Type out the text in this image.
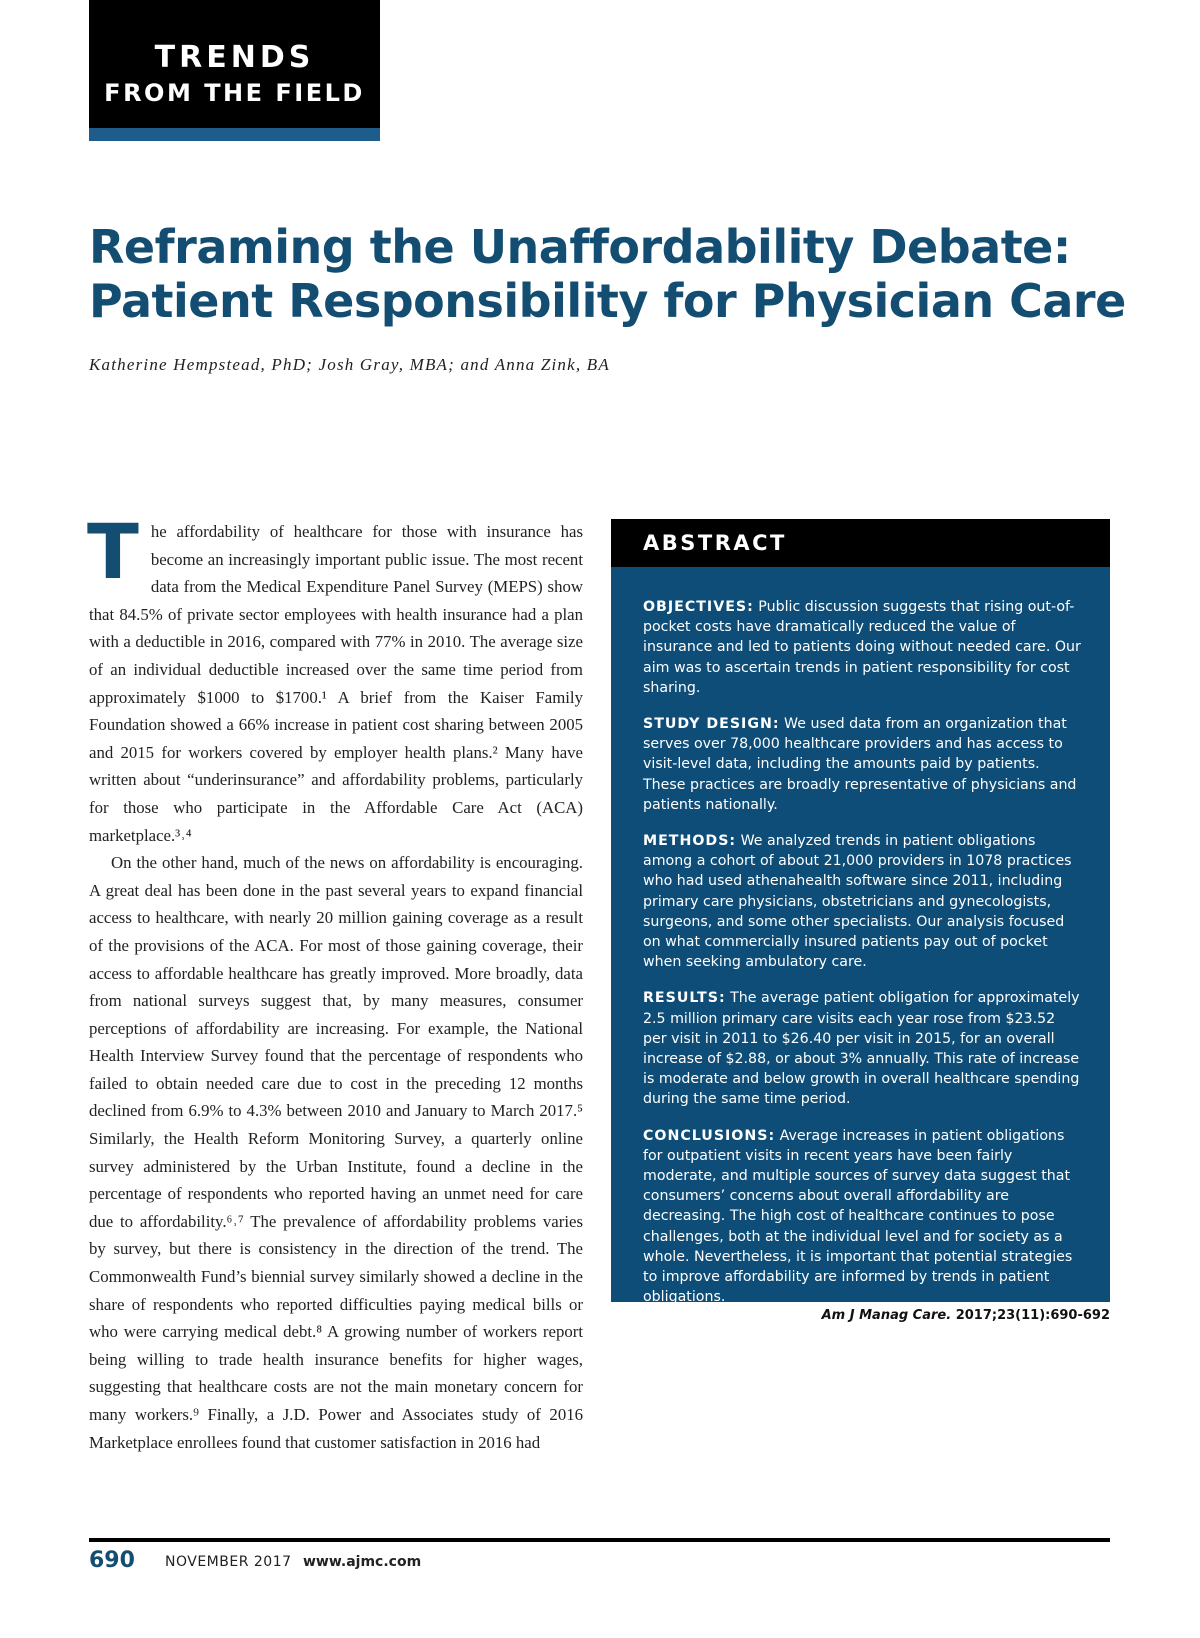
TRENDS
FROM THE FIELD
Reframing the Unaffordability Debate:
Patient Responsibility for Physician Care
Katherine Hempstead, PhD; Josh Gray, MBA; and Anna Zink, BA

The affordability of healthcare for those with insurance has become an increasingly important public issue. The most recent data from the Medical Expenditure Panel Survey (MEPS) show that 84.5% of private sector employees with health insurance had a plan with a deductible in 2016, compared with 77% in 2010. The average size of an individual deductible increased over the same time period from approximately $1000 to $1700.¹ A brief from the Kaiser Family Foundation showed a 66% increase in patient cost sharing between 2005 and 2015 for workers covered by employer health plans.² Many have written about “underinsurance” and affordability problems, particularly for those who participate in the Affordable Care Act (ACA) marketplace.³˒⁴

On the other hand, much of the news on affordability is encouraging. A great deal has been done in the past several years to expand financial access to healthcare, with nearly 20 million gaining coverage as a result of the provisions of the ACA. For most of those gaining coverage, their access to affordable healthcare has greatly improved. More broadly, data from national surveys suggest that, by many measures, consumer perceptions of affordability are increasing. For example, the National Health Interview Survey found that the percentage of respondents who failed to obtain needed care due to cost in the preceding 12 months declined from 6.9% to 4.3% between 2010 and January to March 2017.⁵ Similarly, the Health Reform Monitoring Survey, a quarterly online survey administered by the Urban Institute, found a decline in the percentage of respondents who reported having an unmet need for care due to affordability.⁶˒⁷ The prevalence of affordability problems varies by survey, but there is consistency in the direction of the trend. The Commonwealth Fund’s biennial survey similarly showed a decline in the share of respondents who reported difficulties paying medical bills or who were carrying medical debt.⁸ A growing number of workers report being willing to trade health insurance benefits for higher wages, suggesting that healthcare costs are not the main monetary concern for many workers.⁹ Finally, a J.D. Power and Associates study of 2016 Marketplace enrollees found that customer satisfaction in 2016 had

ABSTRACT

OBJECTIVES: Public discussion suggests that rising out-of-pocket costs have dramatically reduced the value of insurance and led to patients doing without needed care. Our aim was to ascertain trends in patient responsibility for cost sharing.

STUDY DESIGN: We used data from an organization that serves over 78,000 healthcare providers and has access to visit-level data, including the amounts paid by patients. These practices are broadly representative of physicians and patients nationally.

METHODS: We analyzed trends in patient obligations among a cohort of about 21,000 providers in 1078 practices who had used athenahealth software since 2011, including primary care physicians, obstetricians and gynecologists, surgeons, and some other specialists. Our analysis focused on what commercially insured patients pay out of pocket when seeking ambulatory care.

RESULTS: The average patient obligation for approximately 2.5 million primary care visits each year rose from $23.52 per visit in 2011 to $26.40 per visit in 2015, for an overall increase of $2.88, or about 3% annually. This rate of increase is moderate and below growth in overall healthcare spending during the same time period.

CONCLUSIONS: Average increases in patient obligations for outpatient visits in recent years have been fairly moderate, and multiple sources of survey data suggest that consumers’ concerns about overall affordability are decreasing. The high cost of healthcare continues to pose challenges, both at the individual level and for society as a whole. Nevertheless, it is important that potential strategies to improve affordability are informed by trends in patient obligations.

Am J Manag Care. 2017;23(11):690-692
690 NOVEMBER 2017 www.ajmc.com
